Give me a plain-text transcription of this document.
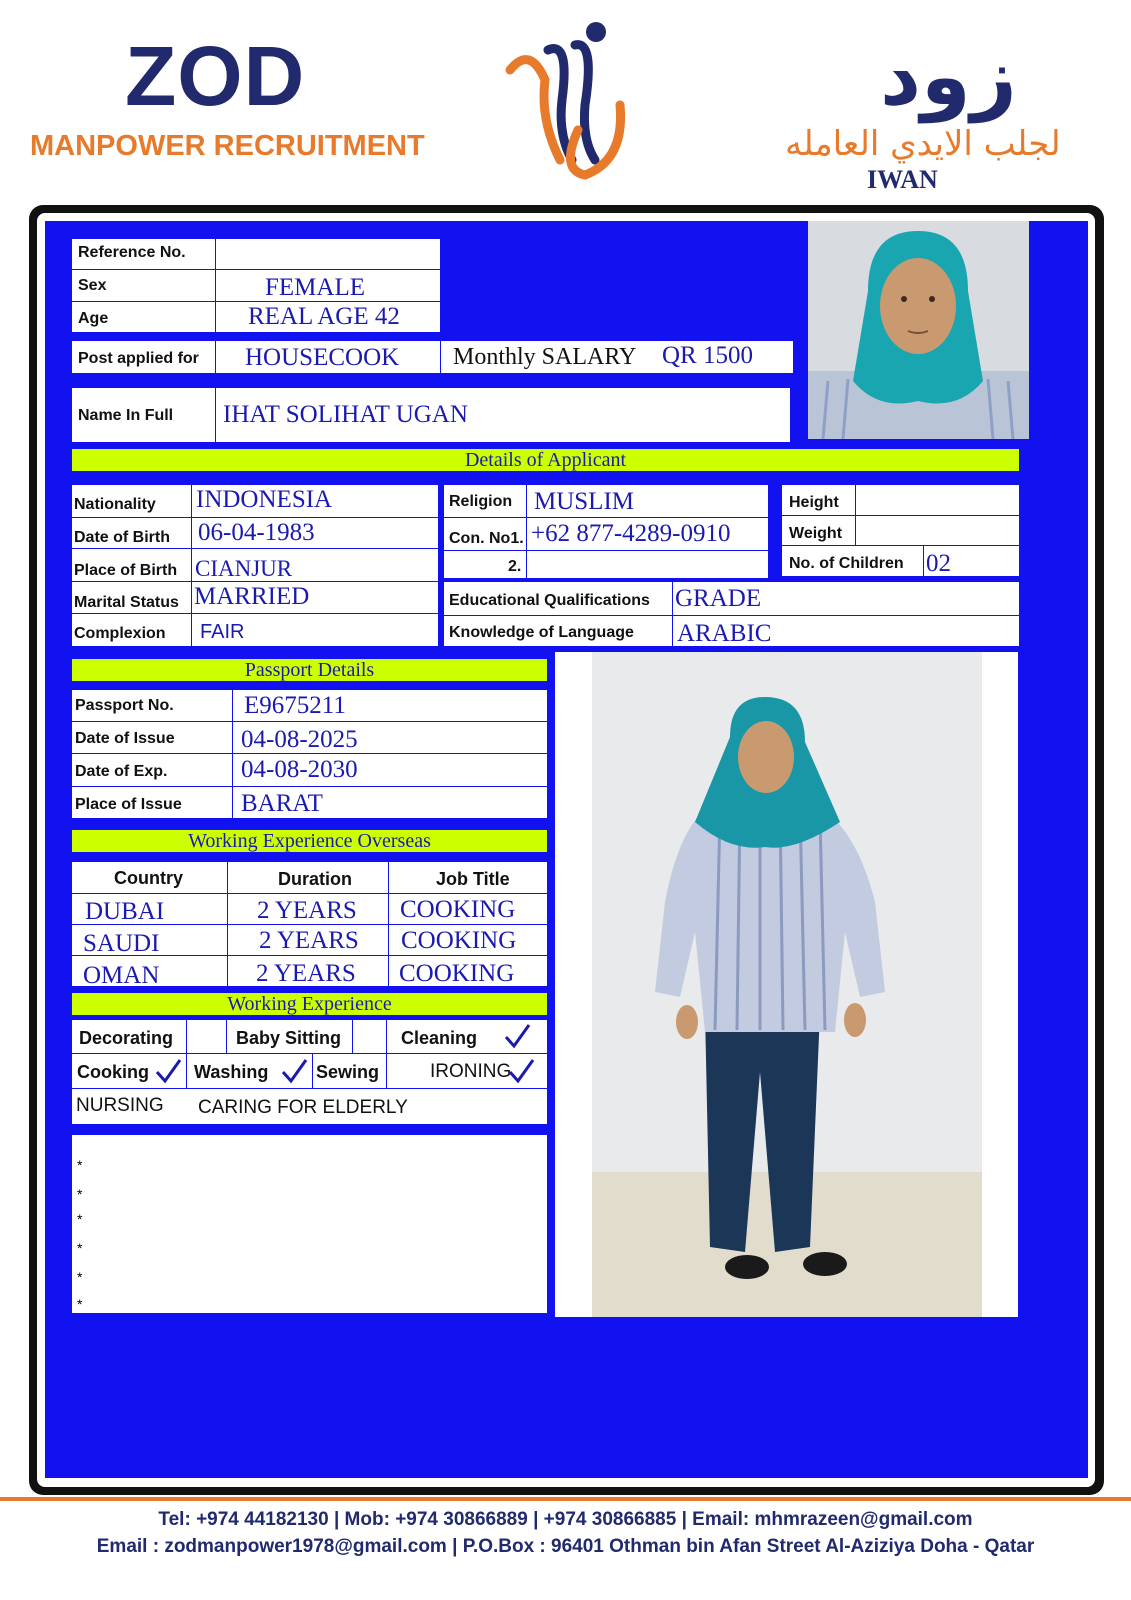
ZOD
MANPOWER RECRUITMENT
زود
لجلب الايدي العامله
IWAN
Reference No.
Sex	FEMALE
Age	REAL AGE 42
Post applied for HOUSECOOK Monthly SALARY QR 1500
Name In Full IHAT SOLIHAT UGAN
Details of Applicant
Nationality INDONESIA
Date of Birth 06-04-1983
Place of Birth CIANJUR
Marital Status MARRIED
Complexion FAIR
Religion MUSLIM
Con. No1. +62 877-4289-0910
2.
Height
Weight
No. of Children 02
Educational Qualifications GRADE
Knowledge of Language ARABIC
Passport Details
Passport No.	E9675211
Date of Issue	04-08-2025
Date of Exp.	04-08-2030
Place of Issue BARAT
Working Experience Overseas
Country	Duration	Job Title
DUBAI	2 YEARS COOKING
SAUDI	2 YEARS COOKING
OMAN	2 YEARS COOKING
Working Experience
Decorating	Baby Sitting	Cleaning
Cooking	Washing	Sewing	IRONING
NURSING CARING FOR ELDERLY
*
*
*
*
*
*
Tel: +974 44182130 | Mob: +974 30866889 | +974 30866885 | Email: mhmrazeen@gmail.com
Email : zodmanpower1978@gmail.com | P.O.Box : 96401 Othman bin Afan Street Al-Aziziya Doha - Qatar
